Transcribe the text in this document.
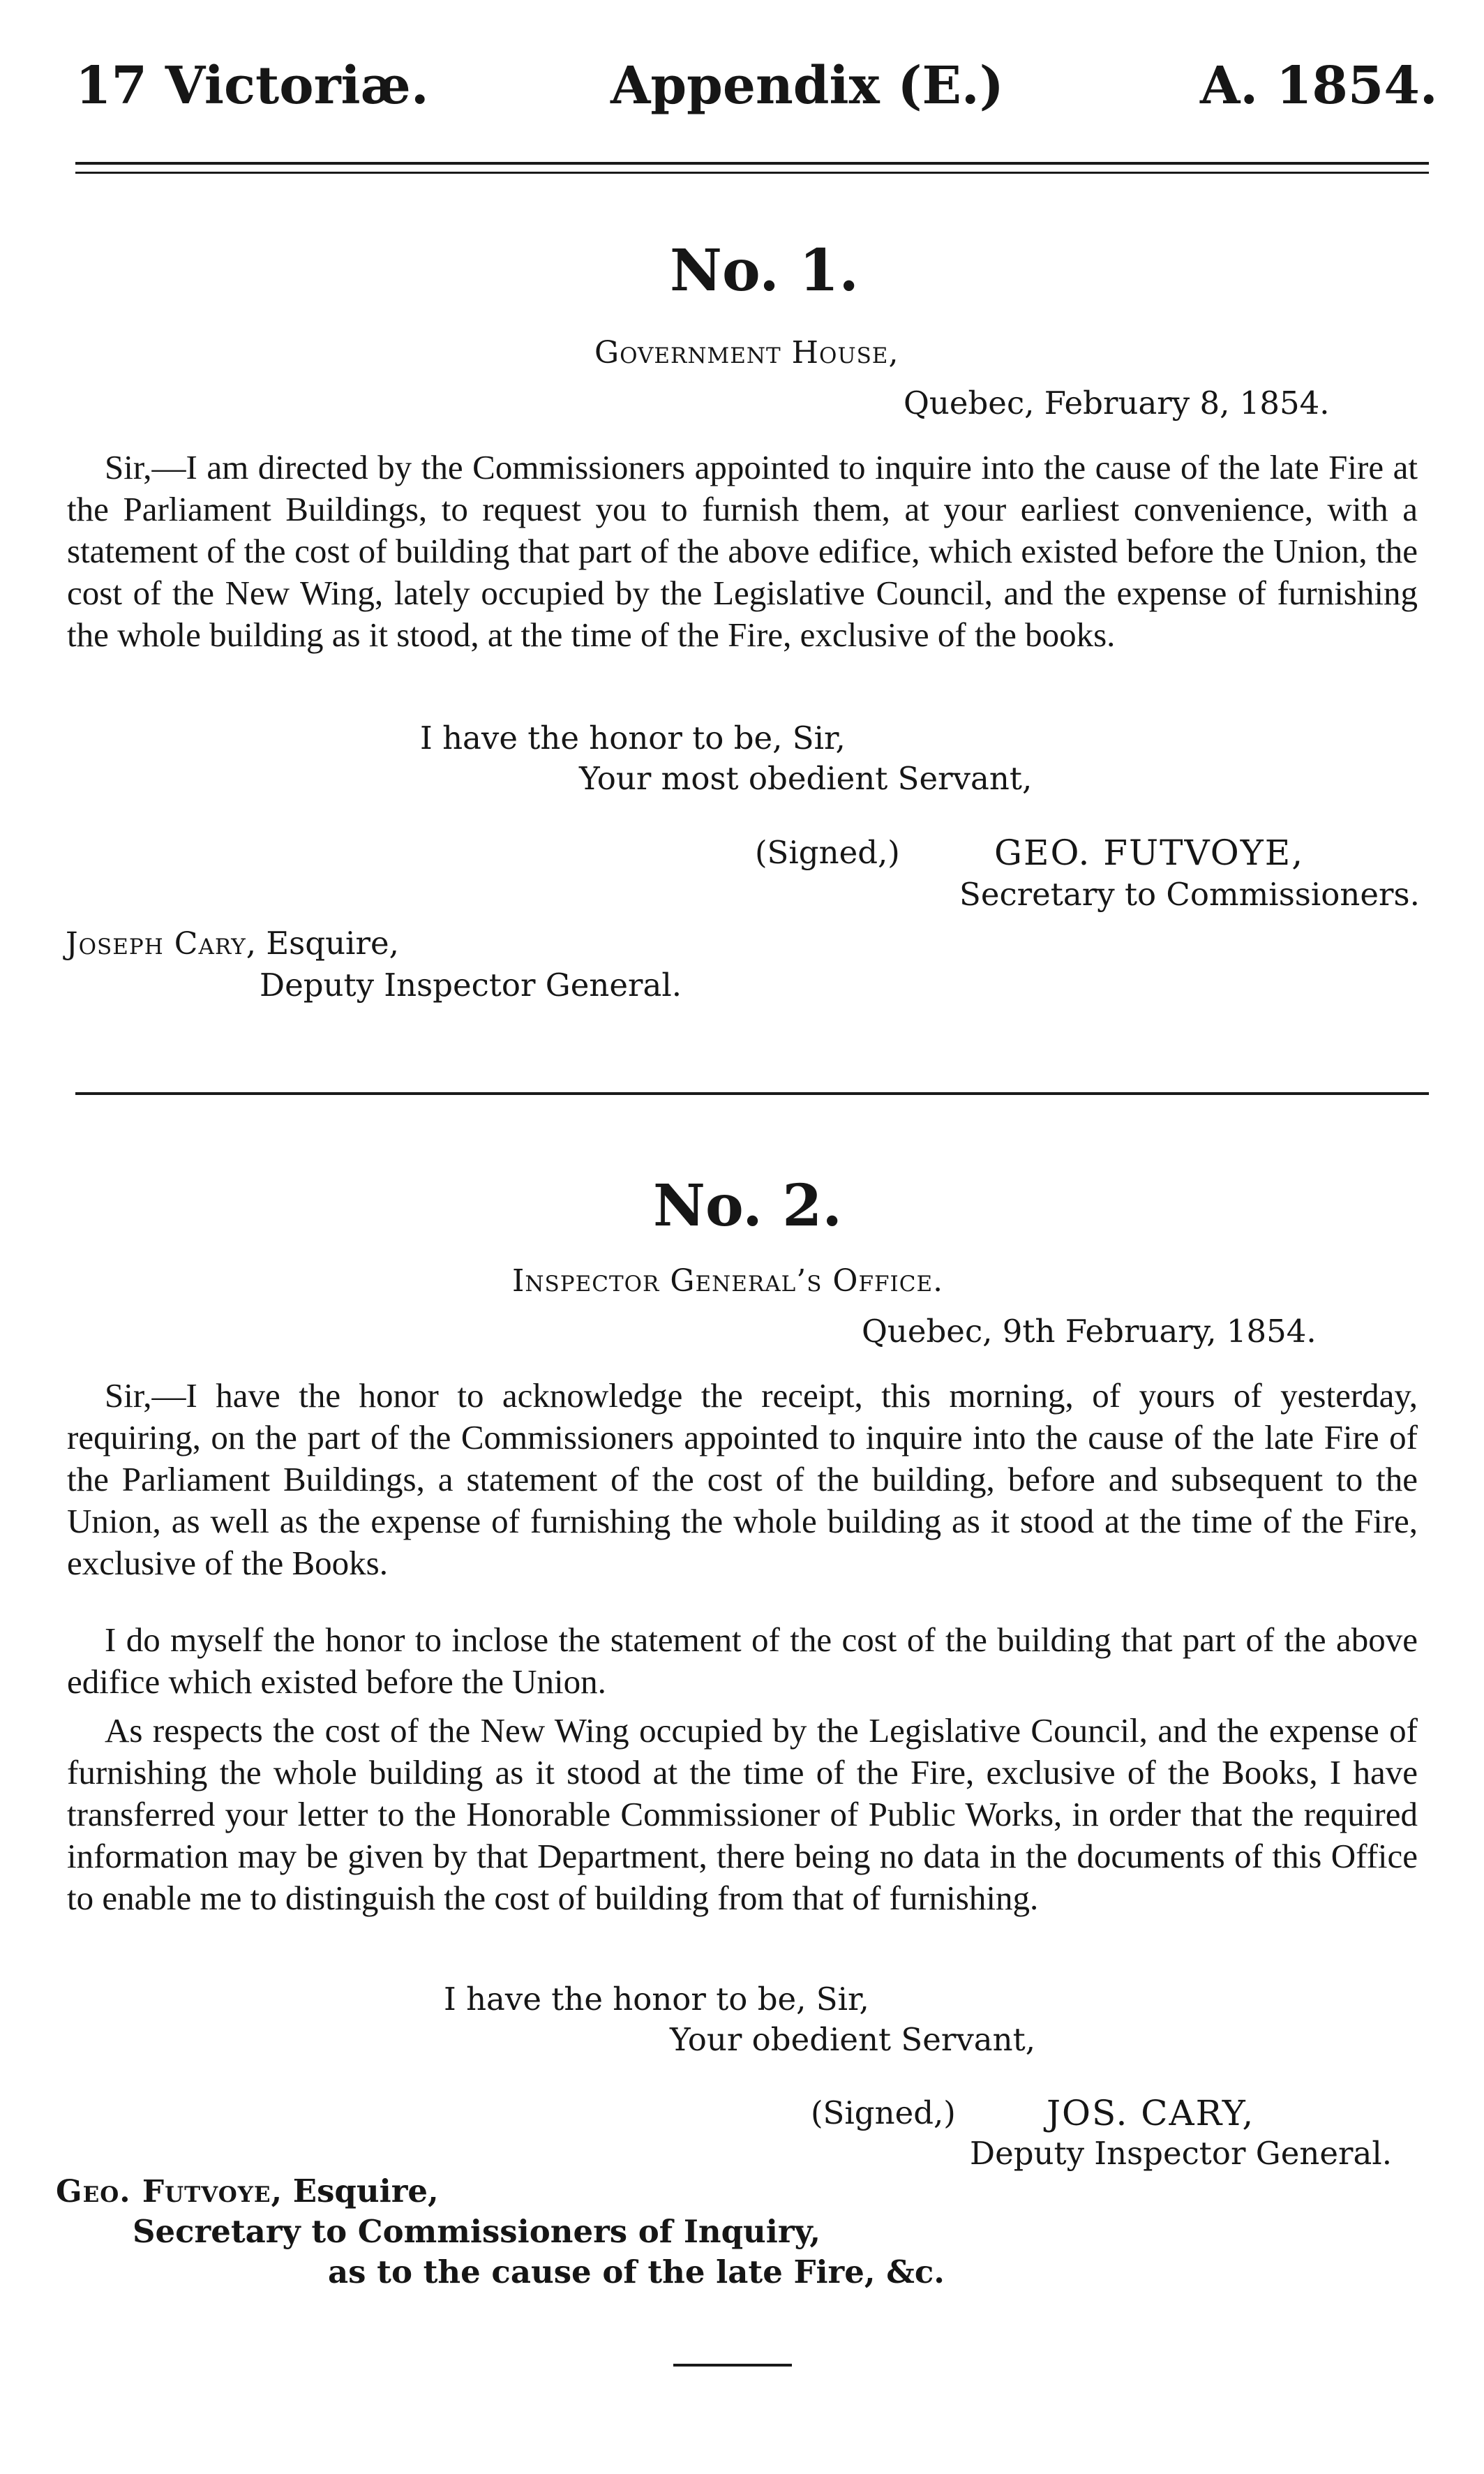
17 Victoriæ.	Appendix (E.)	A. 1854.

No. 1.

Government House,

Quebec, February 8, 1854.

Sir,—I am directed by the Commissioners appointed to inquire into the cause of the late Fire at the Parliament Buildings, to request you to furnish them, at your earliest convenience, with a statement of the cost of building that part of the above edifice, which existed before the Union, the cost of the New Wing, lately occupied by the Legislative Council, and the expense of furnishing the whole building as it stood, at the time of the Fire, exclusive of the books.

I have the honor to be, Sir,

Your most obedient Servant,

(Signed,)	GEO. FUTVOYE,

Secretary to Commissioners.

Joseph Cary, Esquire,

Deputy Inspector General.

No. 2.

Inspector General’s Office.

Quebec, 9th February, 1854.

Sir,—I have the honor to acknowledge the receipt, this morning, of yours of yesterday, requiring, on the part of the Commissioners appointed to inquire into the cause of the late Fire of the Parliament Buildings, a statement of the cost of the building, before and subsequent to the Union, as well as the expense of furnishing the whole building as it stood at the time of the Fire, exclusive of the Books.

I do myself the honor to inclose the statement of the cost of the building that part of the above edifice which existed before the Union.

As respects the cost of the New Wing occupied by the Legislative Council, and the expense of furnishing the whole building as it stood at the time of the Fire, exclusive of the Books, I have transferred your letter to the Honorable Commissioner of Public Works, in order that the required information may be given by that Department, there being no data in the documents of this Office to enable me to distinguish the cost of building from that of furnishing.

I have the honor to be, Sir,

Your obedient Servant,

(Signed,)	JOS. CARY,

Deputy Inspector General.

Geo. Futvoye, Esquire,

Secretary to Commissioners of Inquiry,

as to the cause of the late Fire, &c.
